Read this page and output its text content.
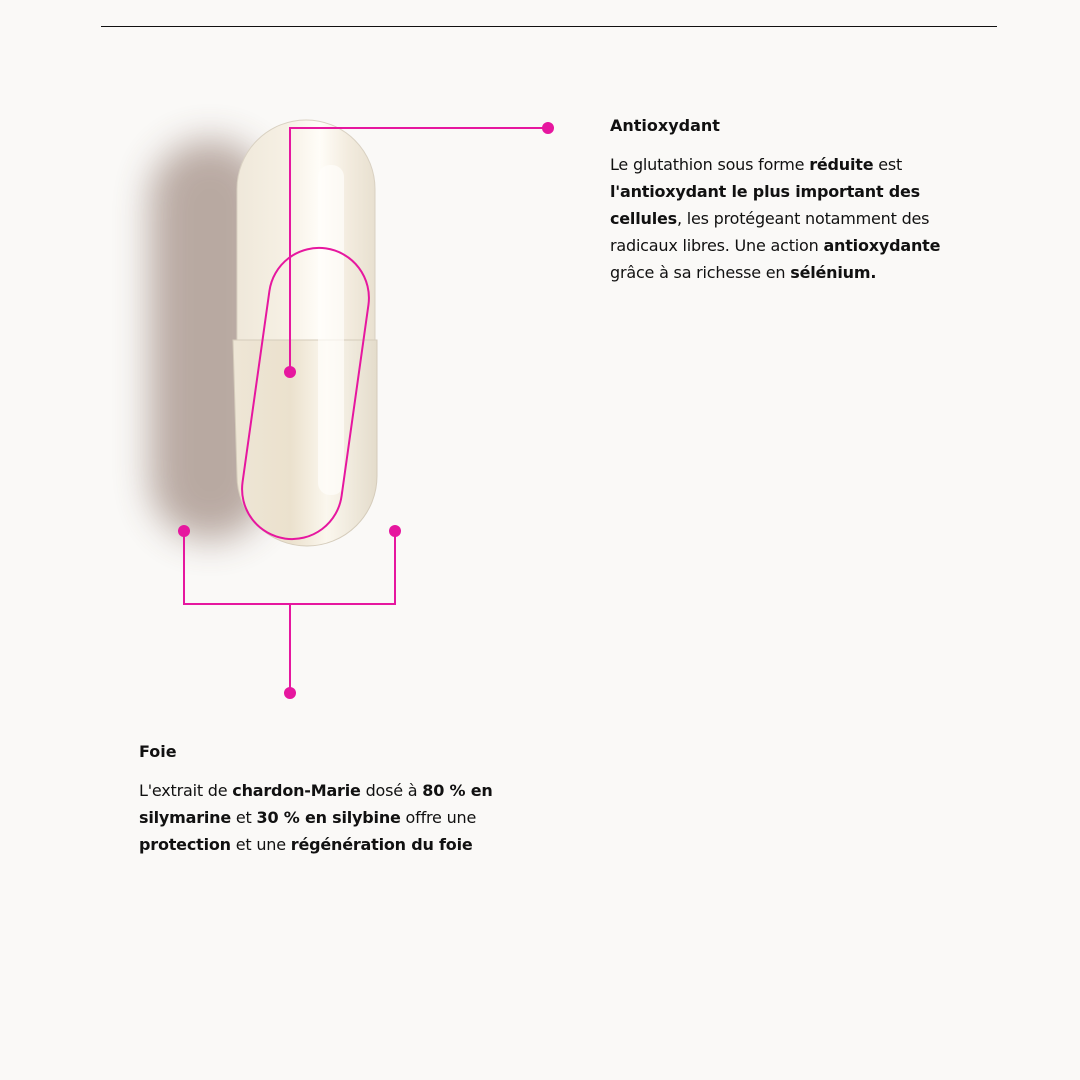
Antioxydant
Le glutathion sous forme réduite est
l'antioxydant le plus important des
cellules, les protégeant notamment des
radicaux libres. Une action antioxydante
grâce à sa richesse en sélénium.
Foie
L'extrait de chardon-Marie dosé à 80 % en
silymarine et 30 % en silybine offre une
protection et une régénération du foie
